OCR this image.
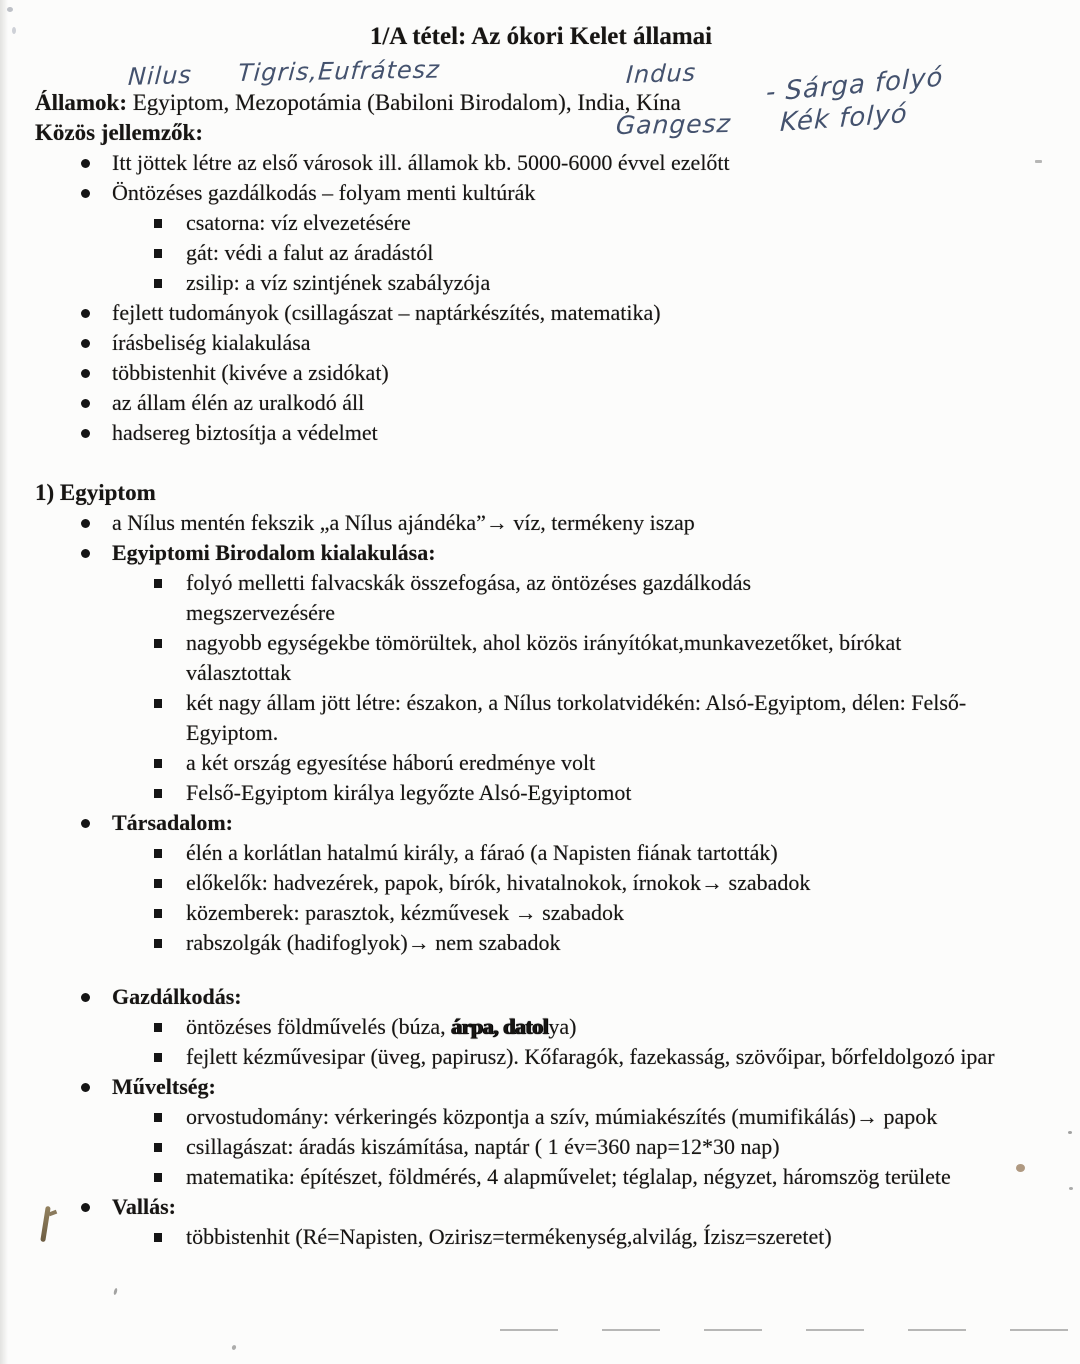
Nilus Tigris,Eufrátesz	Indus	- Sárga folyó
Gangesz Kék folyó
1/A tétel: Az ókori Kelet államai
Államok: Egyiptom, Mezopotámia (Babiloni Birodalom), India, Kína
Közös jellemzők:
Itt jöttek létre az első városok ill. államok kb. 5000-6000 évvel ezelőtt
Öntözéses gazdálkodás – folyam menti kultúrák
csatorna: víz elvezetésére
gát: védi a falut az áradástól
zsilip: a víz szintjének szabályzója
fejlett tudományok (csillagászat – naptárkészítés, matematika)
írásbeliség kialakulása
többistenhit (kivéve a zsidókat)
az állam élén az uralkodó áll
hadsereg biztosítja a védelmet
1) Egyiptom
a Nílus mentén fekszik „a Nílus ajándéka”→ víz, termékeny iszap
Egyiptomi Birodalom kialakulása:
folyó melletti falvacskák összefogása, az öntözéses gazdálkodás megszervezésére
nagyobb egységekbe tömörültek, ahol közös irányítókat,munkavezetőket, bírókat választottak
két nagy állam jött létre: északon, a Nílus torkolatvidékén: Alsó-Egyiptom, délen: Felső-Egyiptom.
a két ország egyesítése háború eredménye volt
Felső-Egyiptom királya legyőzte Alsó-Egyiptomot
Társadalom:
élén a korlátlan hatalmú király, a fáraó (a Napisten fiának tartották)
előkelők: hadvezérek, papok, bírók, hivatalnokok, írnokok→ szabadok
közemberek: parasztok, kézművesek → szabadok
rabszolgák (hadifoglyok)→ nem szabadok
Gazdálkodás:
öntözéses földművelés (búza, árpa, datolya)
fejlett kézművesipar (üveg, papirusz). Kőfaragók, fazekasság, szövőipar, bőrfeldolgozó ipar
Műveltség:
orvostudomány: vérkeringés központja a szív, múmiakészítés (mumifikálás)→ papok
csillagászat: áradás kiszámítása, naptár ( 1 év=360 nap=12*30 nap)
matematika: építészet, földmérés, 4 alapművelet; téglalap, négyzet, háromszög területe
Vallás:
többistenhit (Ré=Napisten, Ozirisz=termékenység,alvilág, Ízisz=szeretet)
